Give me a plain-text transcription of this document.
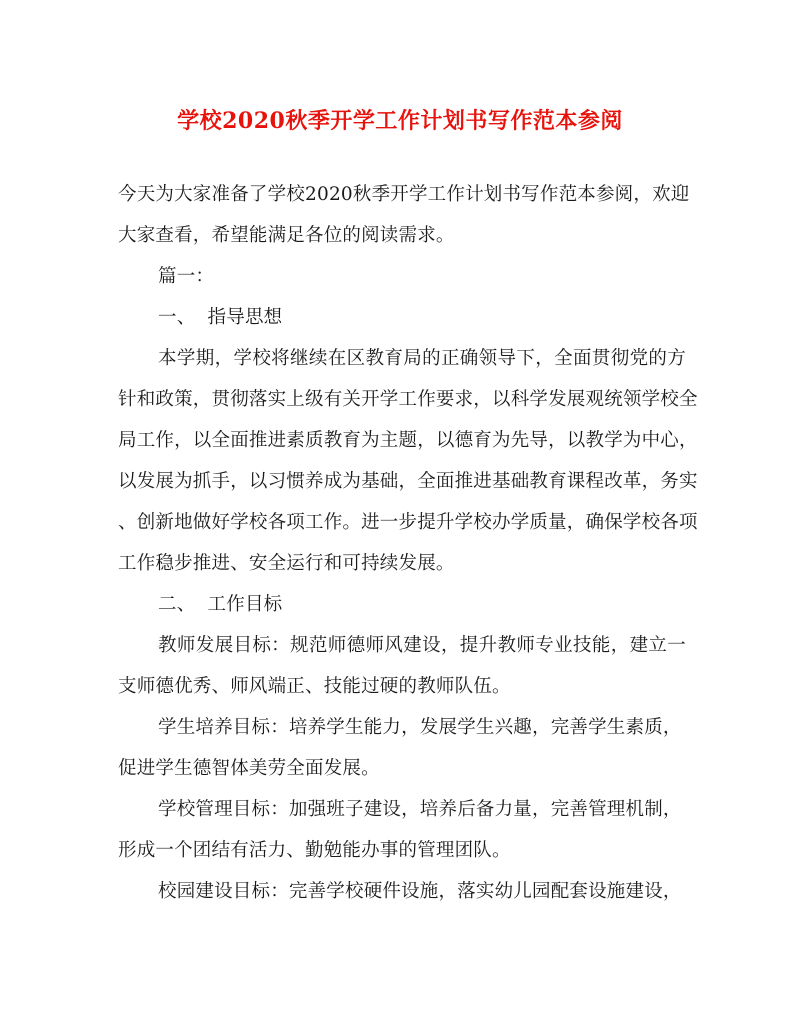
学校2020秋季开学工作计划书写作范本参阅
今天为大家准备了学校2020秋季开学工作计划书写作范本参阅，欢迎
大家查看，希望能满足各位的阅读需求。
篇一：
一、  指导思想
本学期，学校将继续在区教育局的正确领导下，全面贯彻党的方
针和政策，贯彻落实上级有关开学工作要求，以科学发展观统领学校全
局工作，以全面推进素质教育为主题，以德育为先导，以教学为中心，
以发展为抓手，以习惯养成为基础，全面推进基础教育课程改革，务实
、创新地做好学校各项工作。进一步提升学校办学质量，确保学校各项
工作稳步推进、安全运行和可持续发展。
二、  工作目标
教师发展目标：规范师德师风建设，提升教师专业技能，建立一
支师德优秀、师风端正、技能过硬的教师队伍。
学生培养目标：培养学生能力，发展学生兴趣，完善学生素质，
促进学生德智体美劳全面发展。
学校管理目标：加强班子建设，培养后备力量，完善管理机制，
形成一个团结有活力、勤勉能办事的管理团队。
校园建设目标：完善学校硬件设施，落实幼儿园配套设施建设，
